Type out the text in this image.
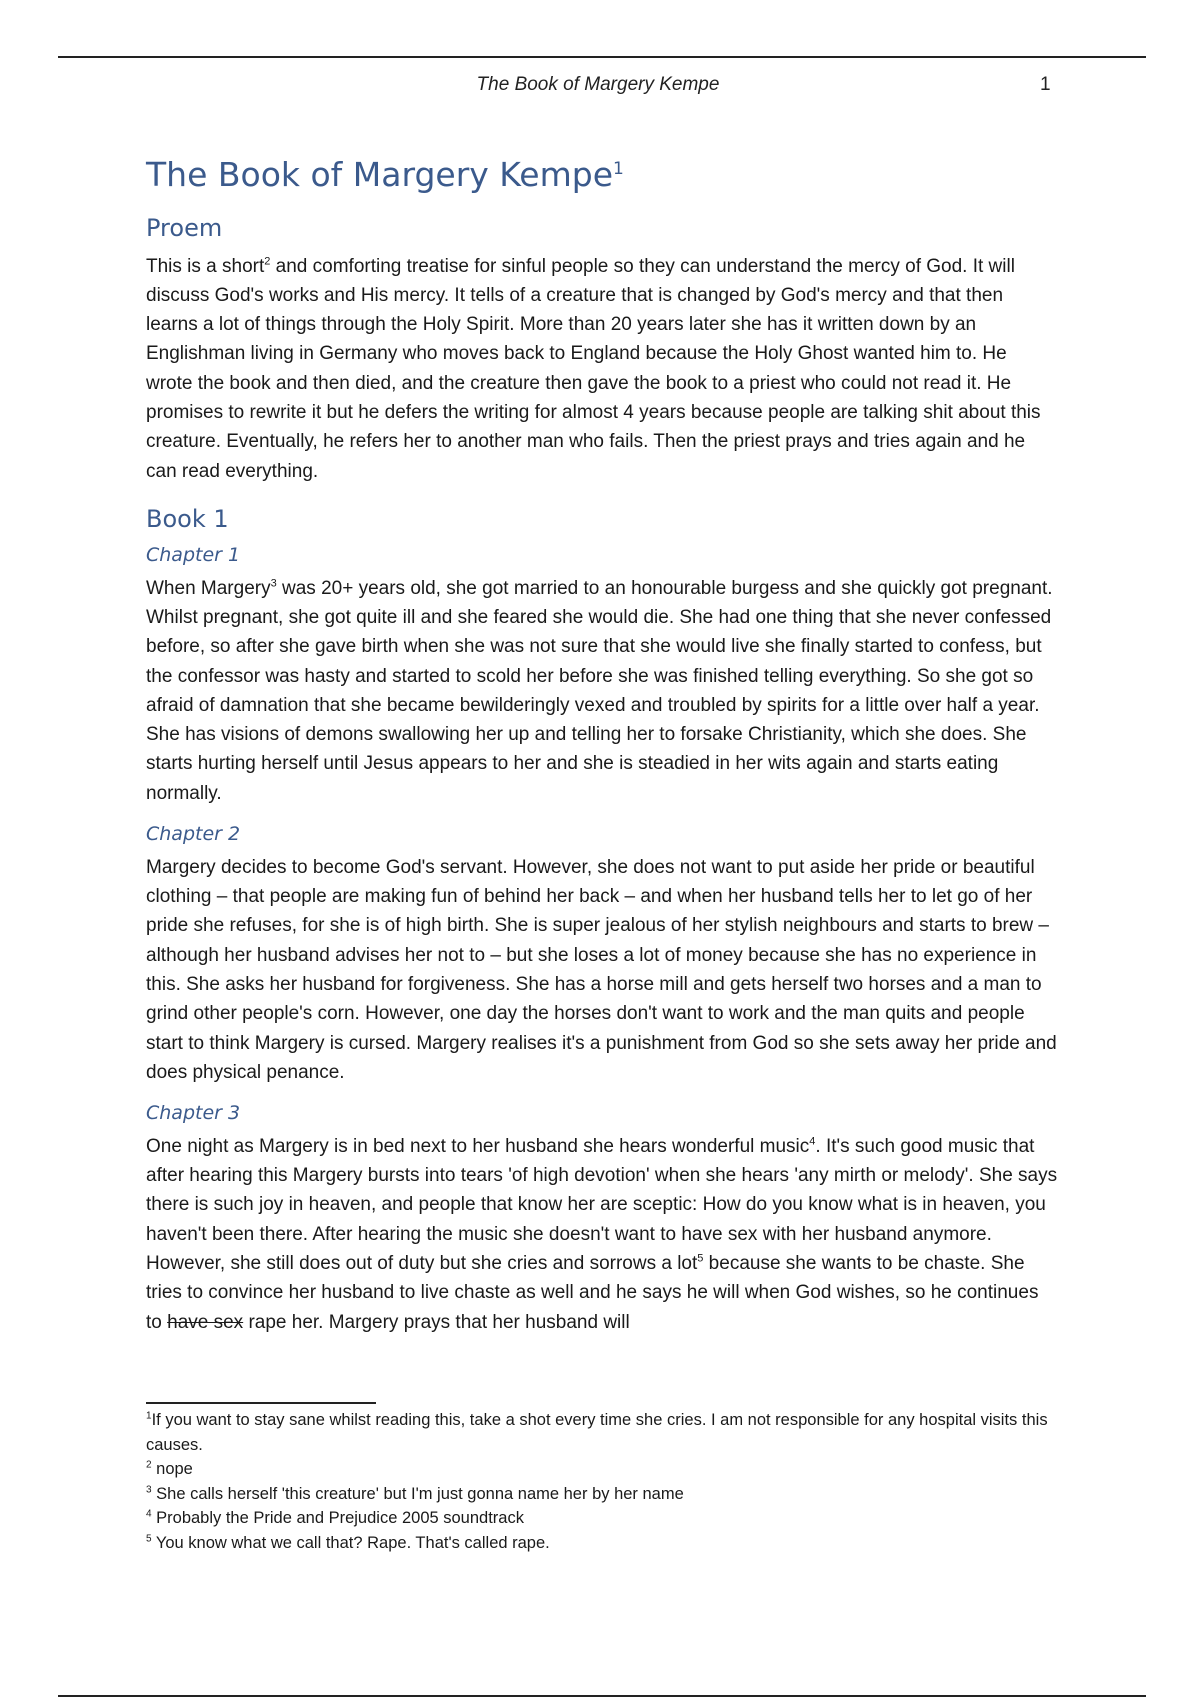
The Book of Margery Kempe	1
The Book of Margery Kempe$^1$
Proem

This is a short$^2$ and comforting treatise for sinful people so they can understand the mercy of God. It will discuss God's works and His mercy. It tells of a creature that is changed by God's mercy and that then learns a lot of things through the Holy Spirit. More than 20 years later she has it written down by an Englishman living in Germany who moves back to England because the Holy Ghost wanted him to. He wrote the book and then died, and the creature then gave the book to a priest who could not read it. He promises to rewrite it but he defers the writing for almost 4 years because people are talking shit about this creature. Eventually, he refers her to another man who fails. Then the priest prays and tries again and he can read everything.

Book 1
Chapter 1

When Margery$^3$ was 20+ years old, she got married to an honourable burgess and she quickly got pregnant. Whilst pregnant, she got quite ill and she feared she would die. She had one thing that she never confessed before, so after she gave birth when she was not sure that she would live she finally started to confess, but the confessor was hasty and started to scold her before she was finished telling everything. So she got so afraid of damnation that she became bewilderingly vexed and troubled by spirits for a little over half a year. She has visions of demons swallowing her up and telling her to forsake Christianity, which she does. She starts hurting herself until Jesus appears to her and she is steadied in her wits again and starts eating normally.

Chapter 2

Margery decides to become God's servant. However, she does not want to put aside her pride or beautiful clothing – that people are making fun of behind her back – and when her husband tells her to let go of her pride she refuses, for she is of high birth. She is super jealous of her stylish neighbours and starts to brew – although her husband advises her not to – but she loses a lot of money because she has no experience in this. She asks her husband for forgiveness. She has a horse mill and gets herself two horses and a man to grind other people's corn. However, one day the horses don't want to work and the man quits and people start to think Margery is cursed. Margery realises it's a punishment from God so she sets away her pride and does physical penance.

Chapter 3

One night as Margery is in bed next to her husband she hears wonderful music$^4$. It's such good music that after hearing this Margery bursts into tears 'of high devotion' when she hears 'any mirth or melody'. She says there is such joy in heaven, and people that know her are sceptic: How do you know what is in heaven, you haven't been there. After hearing the music she doesn't want to have sex with her husband anymore. However, she still does out of duty but she cries and sorrows a lot$^5$ because she wants to be chaste. She tries to convince her husband to live chaste as well and he says he will when God wishes, so he continues to have sex rape her. Margery prays that her husband will

$^1$If you want to stay sane whilst reading this, take a shot every time she cries. I am not responsible for any hospital visits this causes.
$^2$ nope
$^3$ She calls herself 'this creature' but I'm just gonna name her by her name
$^4$ Probably the Pride and Prejudice 2005 soundtrack
$^5$ You know what we call that? Rape. That's called rape.
